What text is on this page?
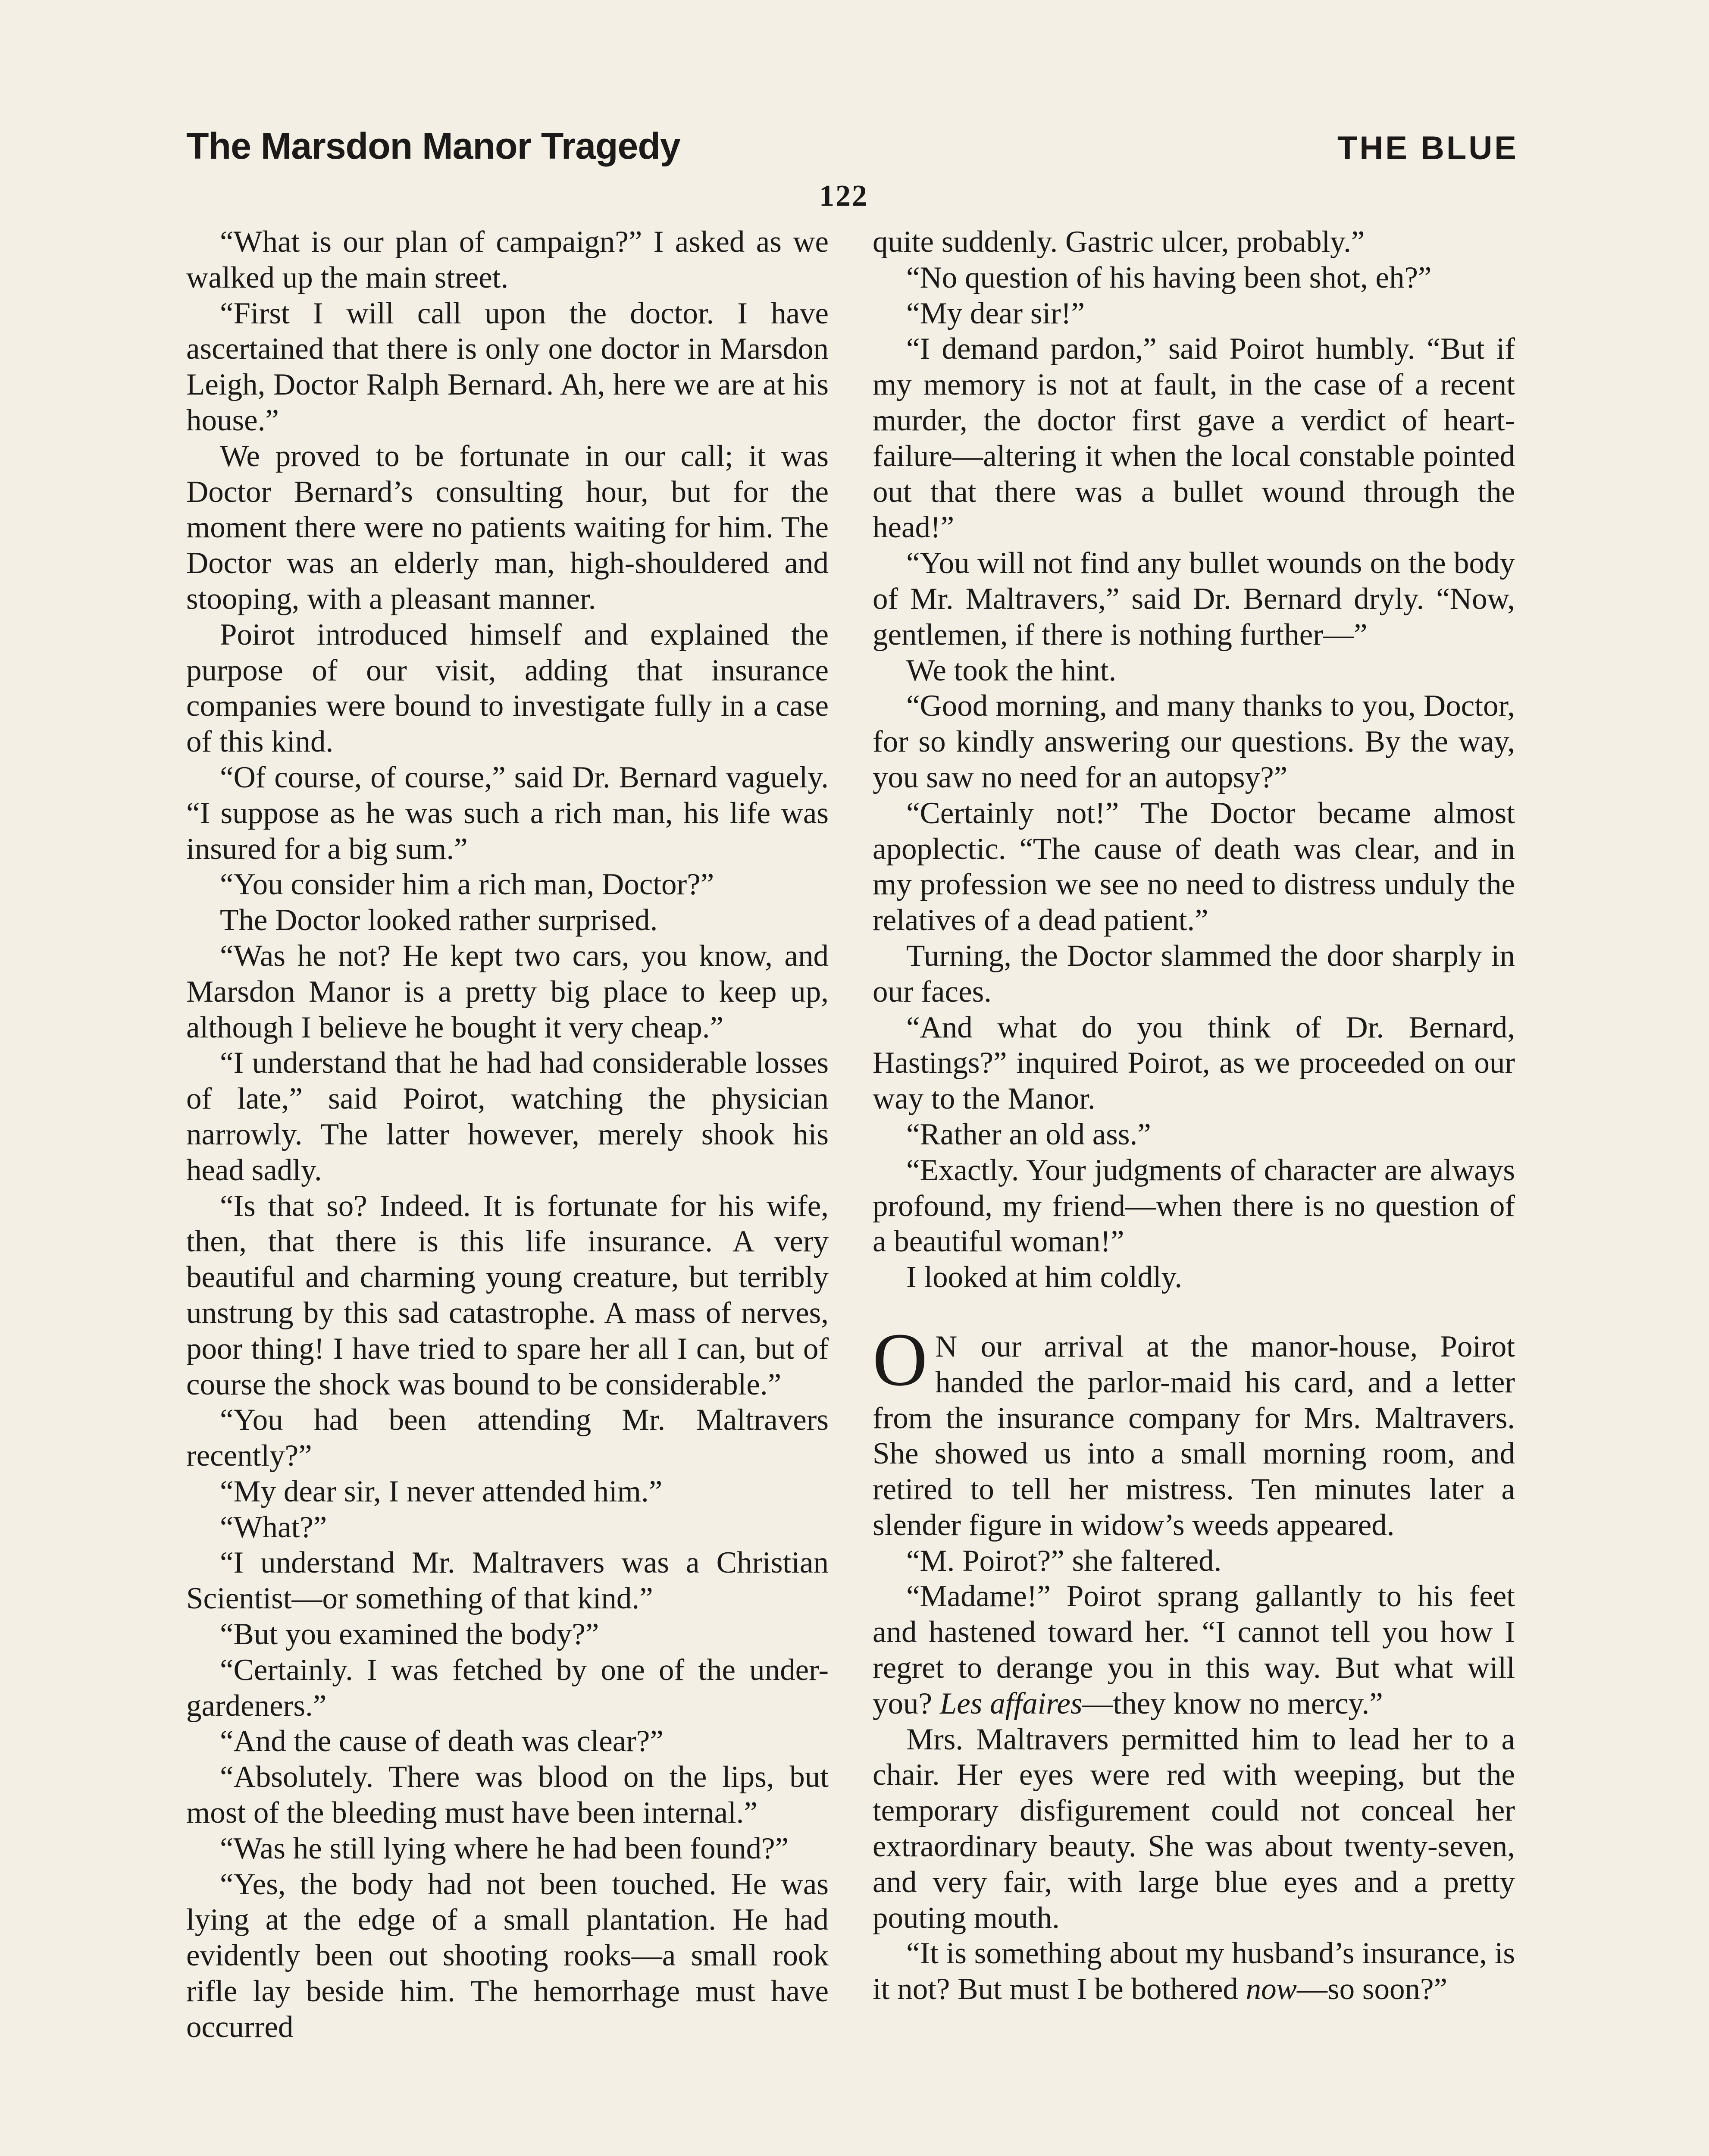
The Marsdon Manor Tragedy	THE BLUE
122

“What is our plan of campaign?” I asked as we walked up the main street.

“First I will call upon the doctor. I have ascertained that there is only one doctor in Marsdon Leigh, Doctor Ralph Bernard. Ah, here we are at his house.”

We proved to be fortunate in our call; it was Doctor Bernard’s consulting hour, but for the moment there were no patients waiting for him. The Doctor was an elderly man, high-shouldered and stooping, with a pleasant manner.

Poirot introduced himself and explained the purpose of our visit, adding that insurance companies were bound to investigate fully in a case of this kind.

“Of course, of course,” said Dr. Bernard vaguely. “I suppose as he was such a rich man, his life was insured for a big sum.”

“You consider him a rich man, Doctor?”

The Doctor looked rather surprised.

“Was he not? He kept two cars, you know, and Marsdon Manor is a pretty big place to keep up, although I believe he bought it very cheap.”

“I understand that he had had considerable losses of late,” said Poirot, watching the physician narrowly. The latter however, merely shook his head sadly.

“Is that so? Indeed. It is fortunate for his wife, then, that there is this life insurance. A very beautiful and charming young creature, but terribly unstrung by this sad catastrophe. A mass of nerves, poor thing! I have tried to spare her all I can, but of course the shock was bound to be considerable.”

“You had been attending Mr. Maltravers recently?”

“My dear sir, I never attended him.”

“What?”

“I understand Mr. Maltravers was a Christian Scientist—or something of that kind.”

“But you examined the body?”

“Certainly. I was fetched by one of the under-gardeners.”

“And the cause of death was clear?”

“Absolutely. There was blood on the lips, but most of the bleeding must have been internal.”

“Was he still lying where he had been found?”

“Yes, the body had not been touched. He was lying at the edge of a small plantation. He had evidently been out shooting rooks—a small rook rifle lay beside him. The hemorrhage must have occurred

quite suddenly. Gastric ulcer, probably.”

“No question of his having been shot, eh?”

“My dear sir!”

“I demand pardon,” said Poirot humbly. “But if my memory is not at fault, in the case of a recent murder, the doctor first gave a verdict of heart-failure—altering it when the local constable pointed out that there was a bullet wound through the head!”

“You will not find any bullet wounds on the body of Mr. Maltravers,” said Dr. Bernard dryly. “Now, gentlemen, if there is nothing further—”

We took the hint.

“Good morning, and many thanks to you, Doctor, for so kindly answering our questions. By the way, you saw no need for an autopsy?”

“Certainly not!” The Doctor became almost apoplectic. “The cause of death was clear, and in my profession we see no need to distress unduly the relatives of a dead patient.”

Turning, the Doctor slammed the door sharply in our faces.

“And what do you think of Dr. Bernard, Hastings?” inquired Poirot, as we proceeded on our way to the Manor.

“Rather an old ass.”

“Exactly. Your judgments of character are always profound, my friend—when there is no question of a beautiful woman!”

I looked at him coldly.

O N our arrival at the manor-house, Poirot handed the parlor-maid his card, and a letter from the insurance company for Mrs. Maltravers. She showed us into a small morning room, and retired to tell her mistress. Ten minutes later a slender figure in widow’s weeds appeared.

“M. Poirot?” she faltered.

“Madame!” Poirot sprang gallantly to his feet and hastened toward her. “I cannot tell you how I regret to derange you in this way. But what will you? Les affaires—they know no mercy.”

Mrs. Maltravers permitted him to lead her to a chair. Her eyes were red with weeping, but the temporary disfigurement could not conceal her extraordinary beauty. She was about twenty-seven, and very fair, with large blue eyes and a pretty pouting mouth.

“It is something about my husband’s insurance, is it not? But must I be bothered now—so soon?”
